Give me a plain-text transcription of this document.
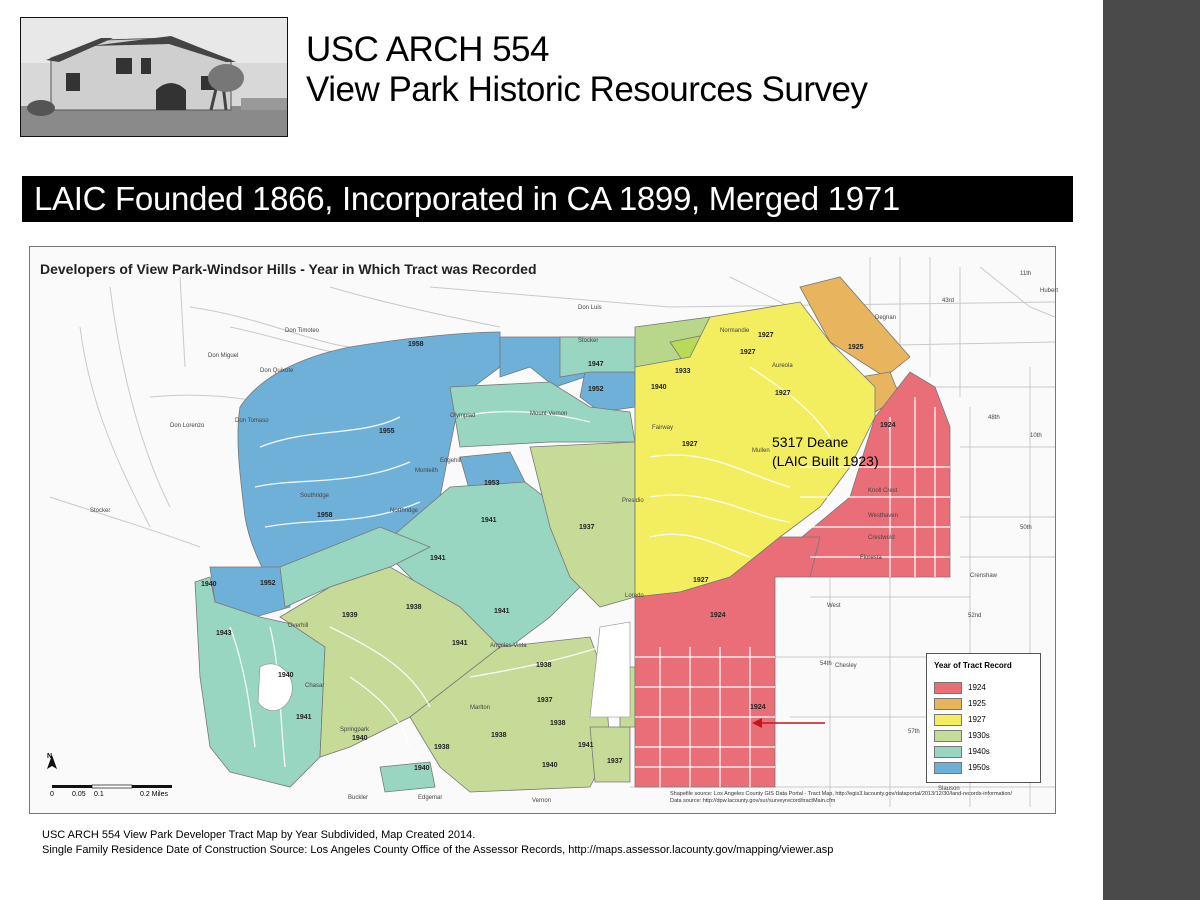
USC ARCH 554
View Park Historic Resources Survey
LAIC Founded 1866, Incorporated in CA 1899, Merged 1971
1958
1955
1958
1952
1947
1952	1940
1933
1927
1927
1925
1927
1924
1953
1941
1937
1927
1927
1941
1938
1939
1940
1943
1940
1941
1941
1941
1938
1937
1938
1938
1938
1940	1940
1941
1940
1937
1924
1924
Don Luis
Stocker
Don Lorenzo
Don Miguel
Don Timoteo
Don Quixote
Don Tomaso
Olympiad	Mount Vernon
Monteith
Southridge
Northridge
Edgehill
Fairway
Mullen
Aureola
Normandie
Presidio
Lorado
Angeles Vista
Chasar
Springpark
Overhill
Marlton
Degnan
Knoll Crest
Westhaven
Crestwold
Floresta
Crenshaw
Stocker
Slauson
Buckler	Edgemar	Vernon
43rd
48th
50th
52nd
54th
57th
11th
10th
Hubert
West
Chesley
Developers of View Park-Windsor Hills - Year in Which Tract was Recorded
Year of Tract Record
1924
1925
1927
1930s
1940s
1950s
Shapefile source: Los Angeles County GIS Data Portal - Tract Map, http://egis3.lacounty.gov/dataportal/2013/12/30/land-records-information/
Data source: http://dpw.lacounty.gov/sur/surveyrecord/tractMain.cfm
N
0	0.05 0.1	0.2 Miles
5317 Deane
(LAIC Built 1923)
USC ARCH 554 View Park Developer Tract Map by Year Subdivided, Map Created 2014.
Single Family Residence Date of Construction Source: Los Angeles County Office of the Assessor Records, http://maps.assessor.lacounty.gov/mapping/viewer.asp
